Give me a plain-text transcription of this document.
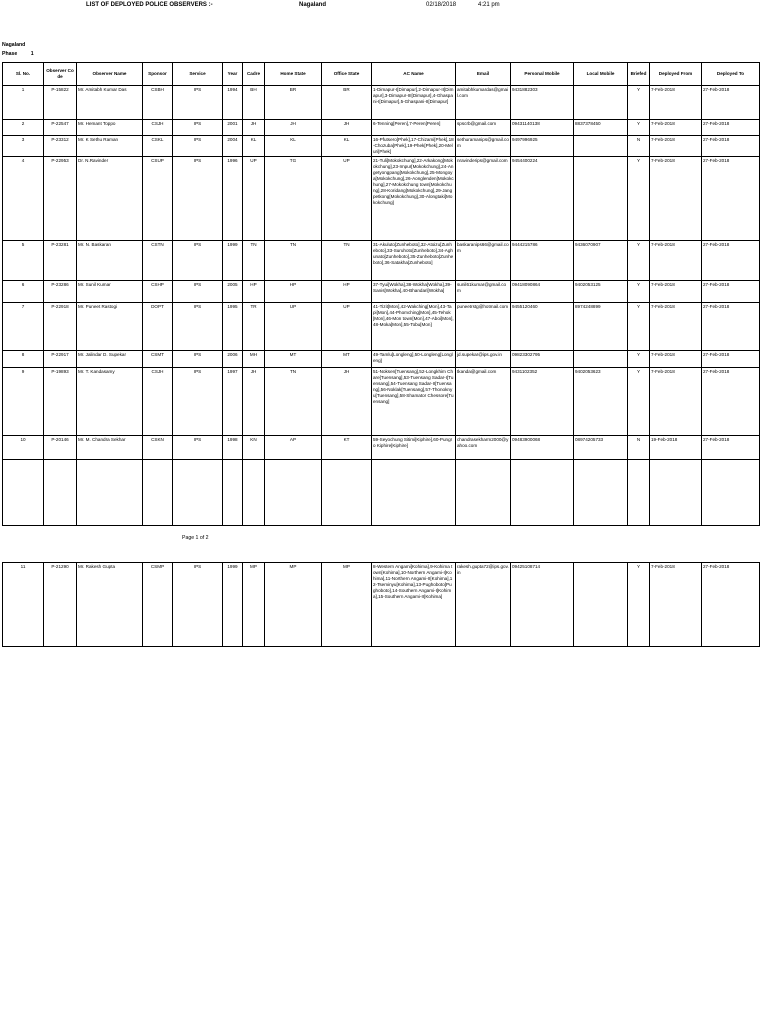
LIST OF DEPLOYED POLICE OBSERVERS :-	Nagaland	02/18/2018	4:21 pm
Nagaland
Phase	1
Sl. No.	Observer Code	Observer Name	Sponsor	Service	Year	Cadre	Home State	Office State	AC Name	Email	Personal Mobile	Local Mobile	Briefed	Deployed From	Deployed To
1	P-15822	Mr. Amitabh Kumar Das	CSBH	IPS	1994	BH	BR	BR	1-Dimapur-I[Dimapur],2-Dimapur-II[Dimapur],3-Dimapur-III[Dimapur],4-Ghaspani-I[Dimapur],5-Ghaspani-II[Dimapur]	amitabhkumardas@gmail.com	9431882303		Y	7-Feb-2018	27-Feb-2018
2	P-22547	Mr. Hemant Toppo	CSJH	IPS	2001	JH	JH	JH	6-Tenning[Peren],7-Peren[Peren]	spscrb@gmail.com	09431140138	8837378450	Y	7-Feb-2018	27-Feb-2018
3	P-23312	Mr. K Sethu Raman	CSKL	IPS	2004	KL	KL	KL	16-Pfutsero[Phek],17-Chizami[Phek],18-Chozuba[Phek],19-Phek[Phek],20-Meluri[Phek]	sethuramanips@gmail.com	9497996925		N	7-Feb-2018	27-Feb-2018
4	P-22953	Dr. N.Ravinder	CSUP	IPS	1996	UP	TG	UP	21-Tuli[Mokokchung],22-Arkakong[Mokokchung],23-Impur[Mokokchung],24-Angetyongpang[Mokokchung],25-Mongoya[Mokokchung],26-Aonglenden[Mokokchung],27-Mokokchung town[Mokokchung],28-Koridang[Mokokchung],29-Jangpetkong[Mokokchung],30-Alongtaki[Mokokchung]	nravinderips@gmail.com	9454400224		Y	7-Feb-2018	27-Feb-2018
5	P-23281	Mr. N. Baskaran	CSTN	IPS	1999	TN	TN	TN	31-Akuluto[Zunheboto],32-Atoizu[Zunheboto],33-Suruhoto[Zunheboto],34-Aghunato[Zunheboto],35-Zunheboto[Zunheboto],36-Satakha[Zunheboto]	baskaranips66@gmail.com	9444215786	9436070907	Y	7-Feb-2018	27-Feb-2018
6	P-23286	Mr. Sunil Kumar	CSHP	IPS	2005	HP	HP	HP	37-Tyui[Wokha],38-Wokha[Wokha],39-Sanis[Wokha],40-Bhandari[Wokha]	sunil61kumar@gmail.com	09418090864	9402053125	Y	7-Feb-2018	27-Feb-2018
7	P-22918	Mr. Puneet Rastogi	DOPT	IPS	1995	TR	UP	UP	41-Tizit[Mon],42-Wakching[Mon],43-Tapi[Mon],44-Phomching[Mon],45-Tehok[Mon],46-Mon town[Mon],47-Aboi[Mon],48-Moka[Mon],55-Tobu[Mon]	puneetrstg@hotmail.com	9455120460	8974248899	Y	7-Feb-2018	27-Feb-2018
8	P-22917	Mr. Jalindar D. Supekar	CSMT	IPS	2006	MH	MT	MT	49-Tamlu[Longleng],50-Longleng[Longleng]	jd.supekar@ips.gov.in	09823302795		Y	7-Feb-2018	27-Feb-2018
9	P-19893	Mr. T. Kandasamy	CSJH	IPS	1997	JH	TN	JH	51-Noksen[Tuensang],52-Longkhim Chare[Tuensang],53-Tuensang Sadar-I[Tuensang],54-Tuensang Sadar-II[Tuensang],56-Noklak[Tuensang],57-Thonoknyu[Tuensang],58-Shamator Chessore[Tuensang]	tkanda@gmail.com	9431102352	9402053623	Y	7-Feb-2018	27-Feb-2018
10	P-20146	Mr. M. Chandra Sekhar	CSKN	IPS	1998	KN	AP	KT	59-Seyochung Sitimi[Kiphire],60-Pungro Kiphire[Kiphire]	chandrasekharm2000@yahoo.com	09483900068	08974205733	N	19-Feb-2018	27-Feb-2018

Page 1 of 2
11	P-21290	Mr. Rakesh Gupta	CSMP	IPS	1999	MP	MP	MP	8-Western Angami[Kohima],9-Kohima town[Kohima],10-Northern Angami-I[Kohima],11-Northern Angami-II[Kohima],12-Tseminyu[Kohima],13-Pughoboto[Pughoboto],14-Southern Angami-I[Kohima],15-Southern Angami-II[Kohima]	rakesh.gupta72@ips.gov.in	09425108714		Y	7-Feb-2018	27-Feb-2018
